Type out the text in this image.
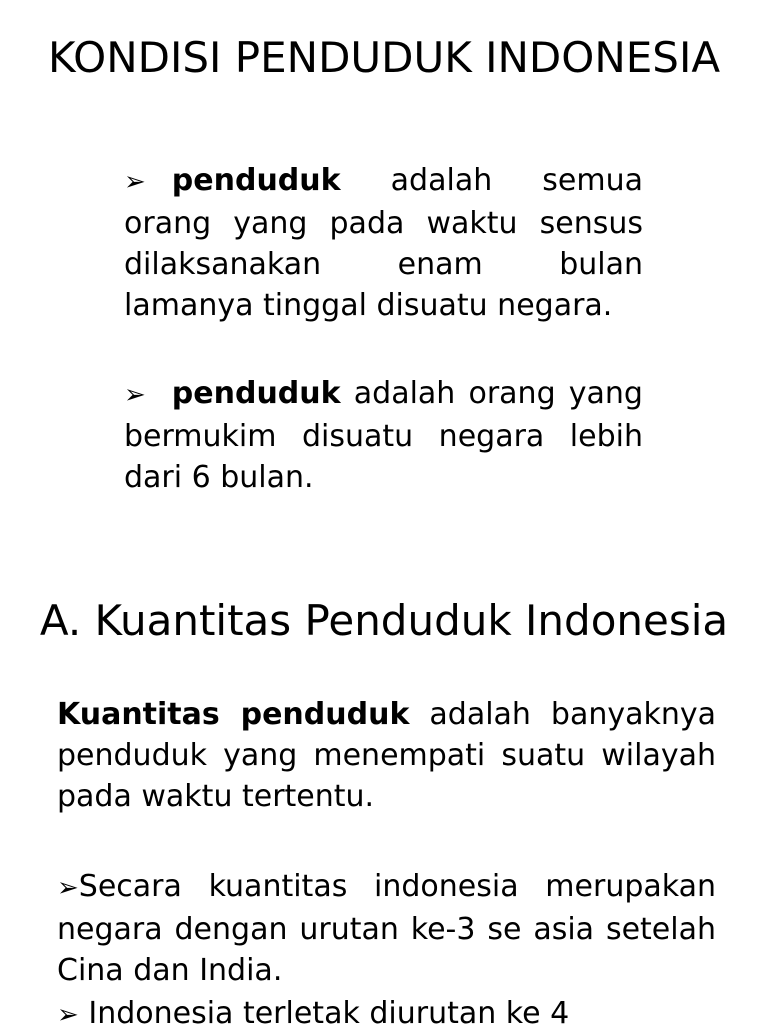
KONDISI PENDUDUK INDONESIA

➢ penduduk adalah semua orang yang pada waktu sensus dilaksanakan enam bulan lamanya tinggal disuatu negara.

➢ penduduk adalah orang yang bermukim disuatu negara lebih dari 6 bulan.

A. Kuantitas Penduduk Indonesia

Kuantitas penduduk adalah banyaknya penduduk yang menempati suatu wilayah pada waktu tertentu.

➢Secara kuantitas indonesia merupakan negara dengan urutan ke-3 se asia setelah Cina dan India.

➢ Indonesia terletak diurutan ke 4
